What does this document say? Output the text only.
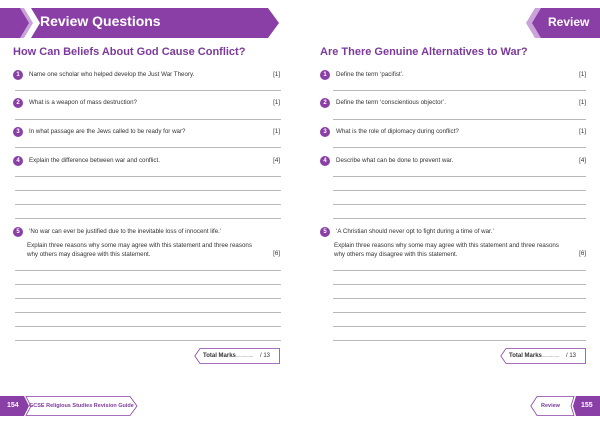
Review Questions
How Can Beliefs About God Cause Conflict?
1	Name one scholar who helped develop the Just War Theory.	[1]
2	What is a weapon of mass destruction?	[1]
3	In what passage are the Jews called to be ready for war?	[1]
4	Explain the difference between war and conflict.	[4]
5	‘No war can ever be justified due to the inevitable loss of innocent life.’
Explain three reasons why some may agree with this statement and three reasons why others may disagree with this statement.	[6]
Total Marks
.................. / 13
154 GCSE Religious Studies Revision Guide
Review
Are There Genuine Alternatives to War?
1	Define the term ‘pacifist’.	[1]
2	Define the term ‘conscientious objector’.	[1]
3	What is the role of diplomacy during conflict?	[1]
4	Describe what can be done to prevent war.	[4]
5	‘A Christian should never opt to fight during a time of war.’
Explain three reasons why some may agree with this statement and three reasons why others may disagree with this statement.	[6]
Total Marks
.................. / 13
Review	155
